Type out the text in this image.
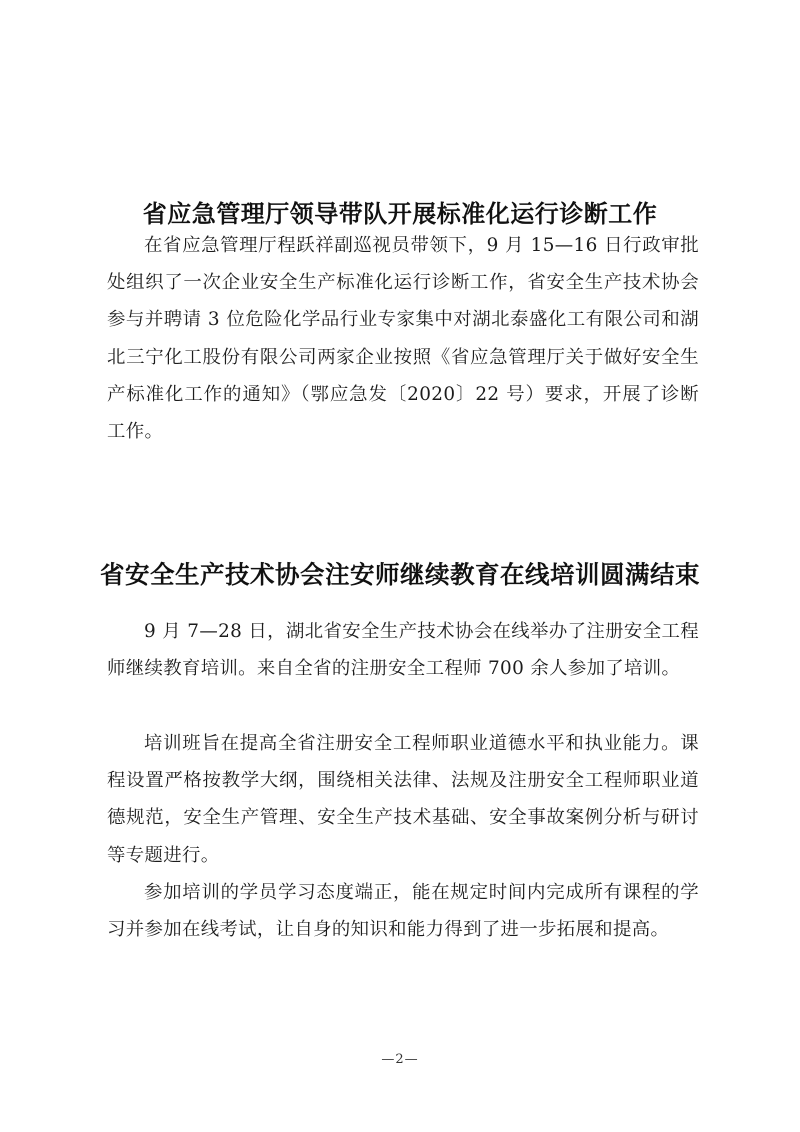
省应急管理厅领导带队开展标准化运行诊断工作

在省应急管理厅程跃祥副巡视员带领下，9 月 15—16 日行政审批处组织了一次企业安全生产标准化运行诊断工作，省安全生产技术协会参与并聘请 3 位危险化学品行业专家集中对湖北泰盛化工有限公司和湖北三宁化工股份有限公司两家企业按照《省应急管理厅关于做好安全生产标准化工作的通知》（鄂应急发〔2020〕22 号）要求，开展了诊断工作。

省安全生产技术协会注安师继续教育在线培训圆满结束

9 月 7—28 日，湖北省安全生产技术协会在线举办了注册安全工程师继续教育培训。来自全省的注册安全工程师 700 余人参加了培训。

培训班旨在提高全省注册安全工程师职业道德水平和执业能力。课程设置严格按教学大纲，围绕相关法律、法规及注册安全工程师职业道德规范，安全生产管理、安全生产技术基础、安全事故案例分析与研讨等专题进行。

参加培训的学员学习态度端正，能在规定时间内完成所有课程的学习并参加在线考试，让自身的知识和能力得到了进一步拓展和提高。

—2—
